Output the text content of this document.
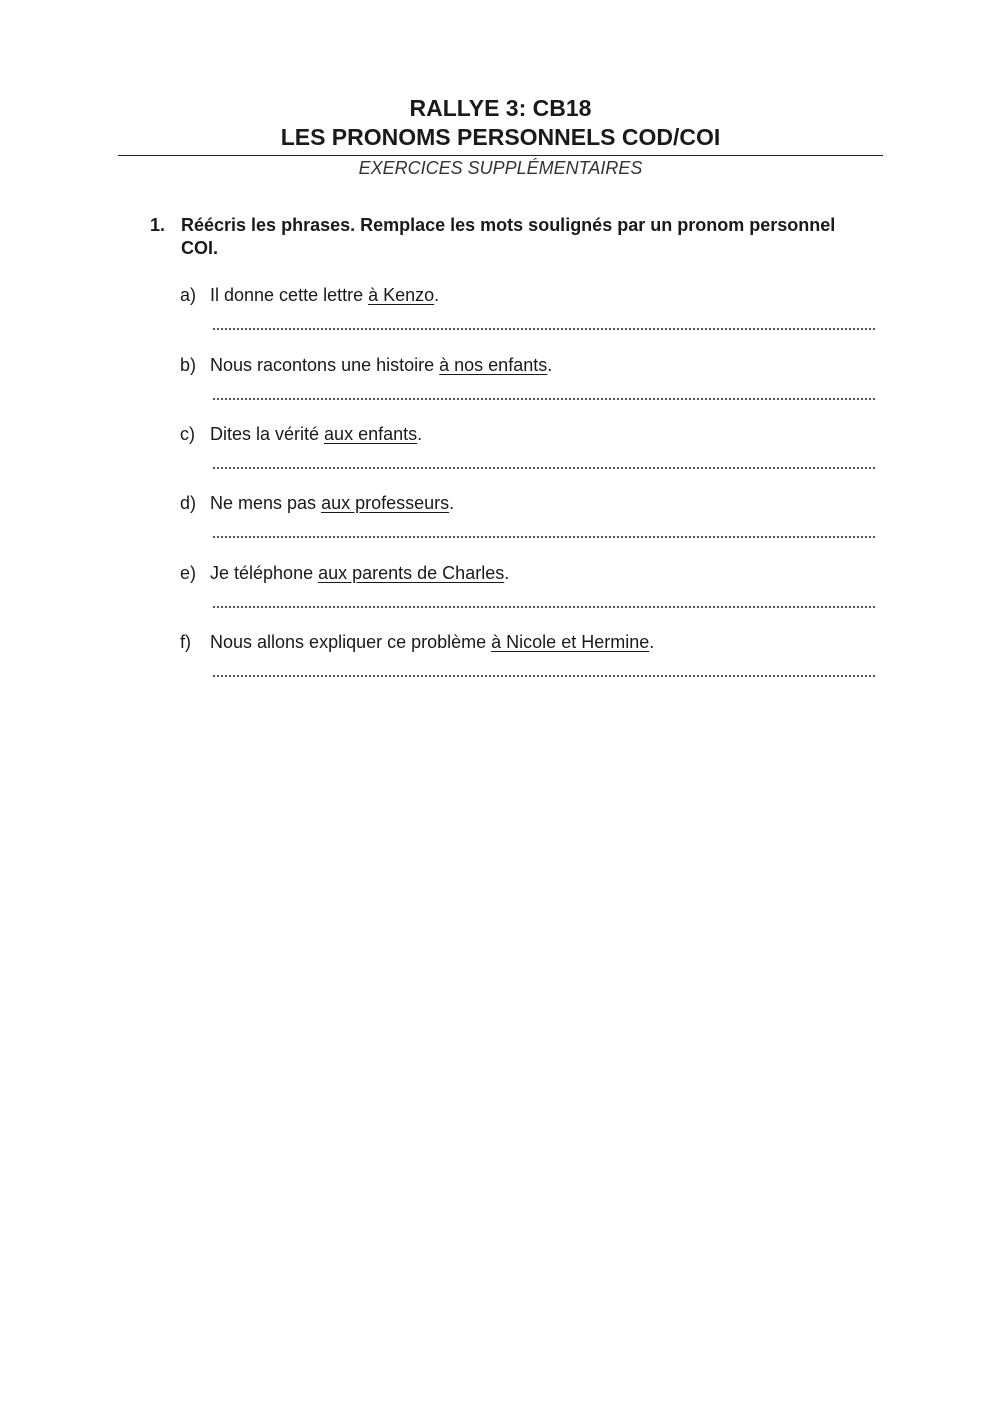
RALLYE 3: CB18

LES PRONOMS PERSONNELS COD/COI

EXERCICES SUPPLÉMENTAIRES
1. Réécris les phrases. Remplace les mots soulignés par un pronom personnel COI.
a) Il donne cette lettre à Kenzo.
b) Nous racontons une histoire à nos enfants.
c) Dites la vérité aux enfants.
d) Ne mens pas aux professeurs.
e) Je téléphone aux parents de Charles.
f) Nous allons expliquer ce problème à Nicole et Hermine.
